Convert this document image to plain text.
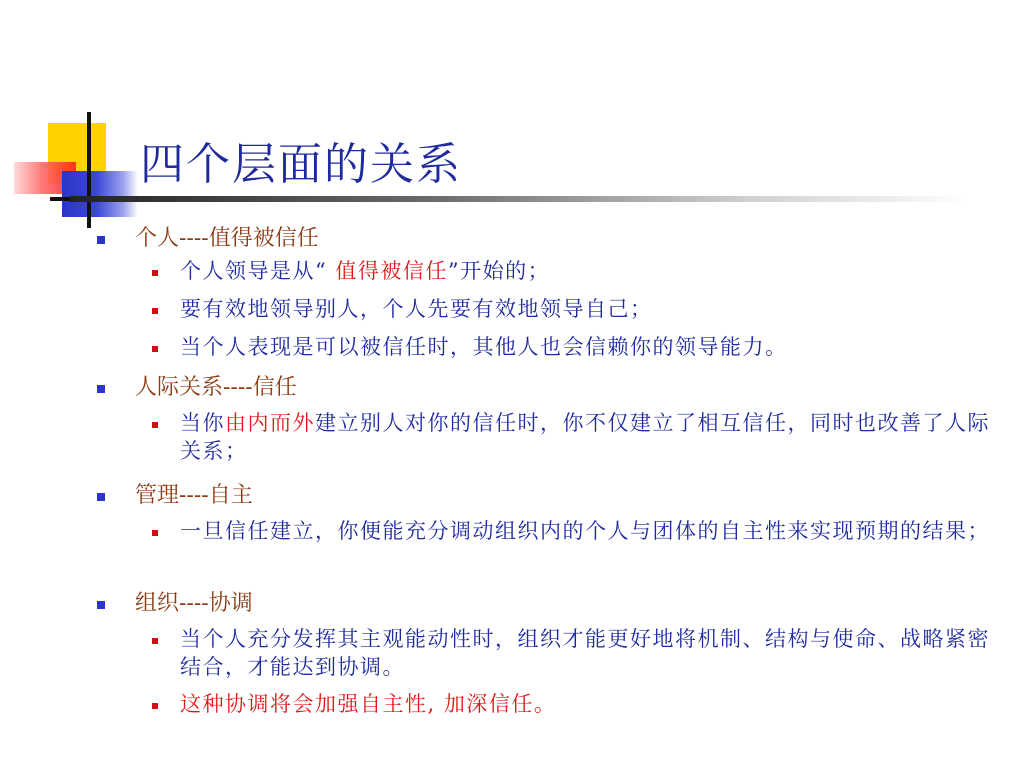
四个层面的关系
个人----值得被信任
个人领导是从“ 值得被信任”开始的；
要有效地领导别人，个人先要有效地领导自己；
当个人表现是可以被信任时，其他人也会信赖你的领导能力。
人际关系----信任
当你由内而外建立别人对你的信任时，你不仅建立了相互信任，同时也改善了人际关系；
管理----自主
一旦信任建立，你便能充分调动组织内的个人与团体的自主性来实现预期的结果；
组织----协调
当个人充分发挥其主观能动性时，组织才能更好地将机制、结构与使命、战略紧密结合，才能达到协调。
这种协调将会加强自主性, 加深信任。
